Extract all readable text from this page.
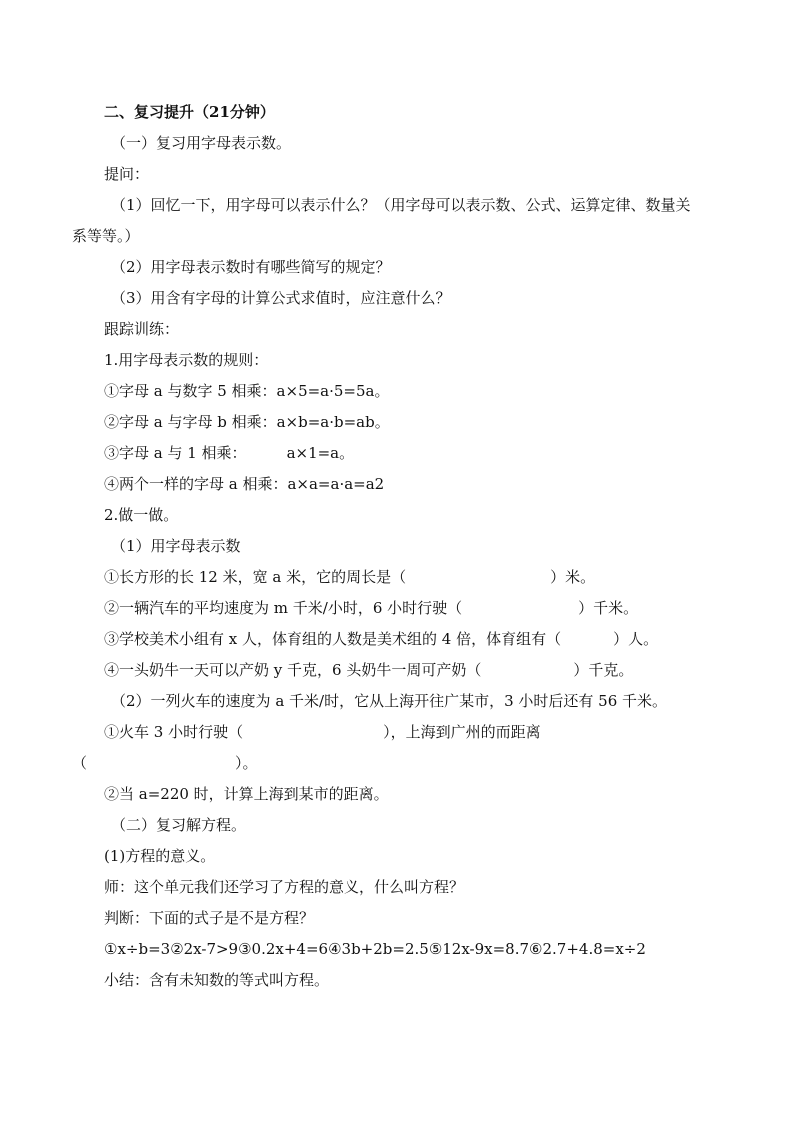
二、复习提升（21分钟）
（一）复习用字母表示数。
提问：
（1）回忆一下，用字母可以表示什么？（用字母可以表示数、公式、运算定律、数量关
系等等。）
（2）用字母表示数时有哪些简写的规定？
（3）用含有字母的计算公式求值时，应注意什么？
跟踪训练：
1.用字母表示数的规则：
①字母 a 与数字 5 相乘：a×5=a·5=5a。
②字母 a 与字母 b 相乘：a×b=a·b=ab。
③字母 a 与 1 相乘：	a×1=a。
④两个一样的字母 a 相乘：a×a=a·a=a2
2.做一做。
（1）用字母表示数
①长方形的长 12 米，宽 a 米，它的周长是（	）米。
②一辆汽车的平均速度为 m 千米/小时，6 小时行驶（	）千米。
③学校美术小组有 x 人，体育组的人数是美术组的 4 倍，体育组有（	）人。
④一头奶牛一天可以产奶 y 千克，6 头奶牛一周可产奶（	）千克。
（2）一列火车的速度为 a 千米/时，它从上海开往广某市，3 小时后还有 56 千米。
①火车 3 小时行驶（	），上海到广州的而距离
（	）。
②当 a=220 时，计算上海到某市的距离。
（二）复习解方程。
(1)方程的意义。
师：这个单元我们还学习了方程的意义，什么叫方程？
判断：下面的式子是不是方程？
①x÷b=3②2x-7>9③0.2x+4=6④3b+2b=2.5⑤12x-9x=8.7⑥2.7+4.8=x÷2
小结：含有未知数的等式叫方程。
